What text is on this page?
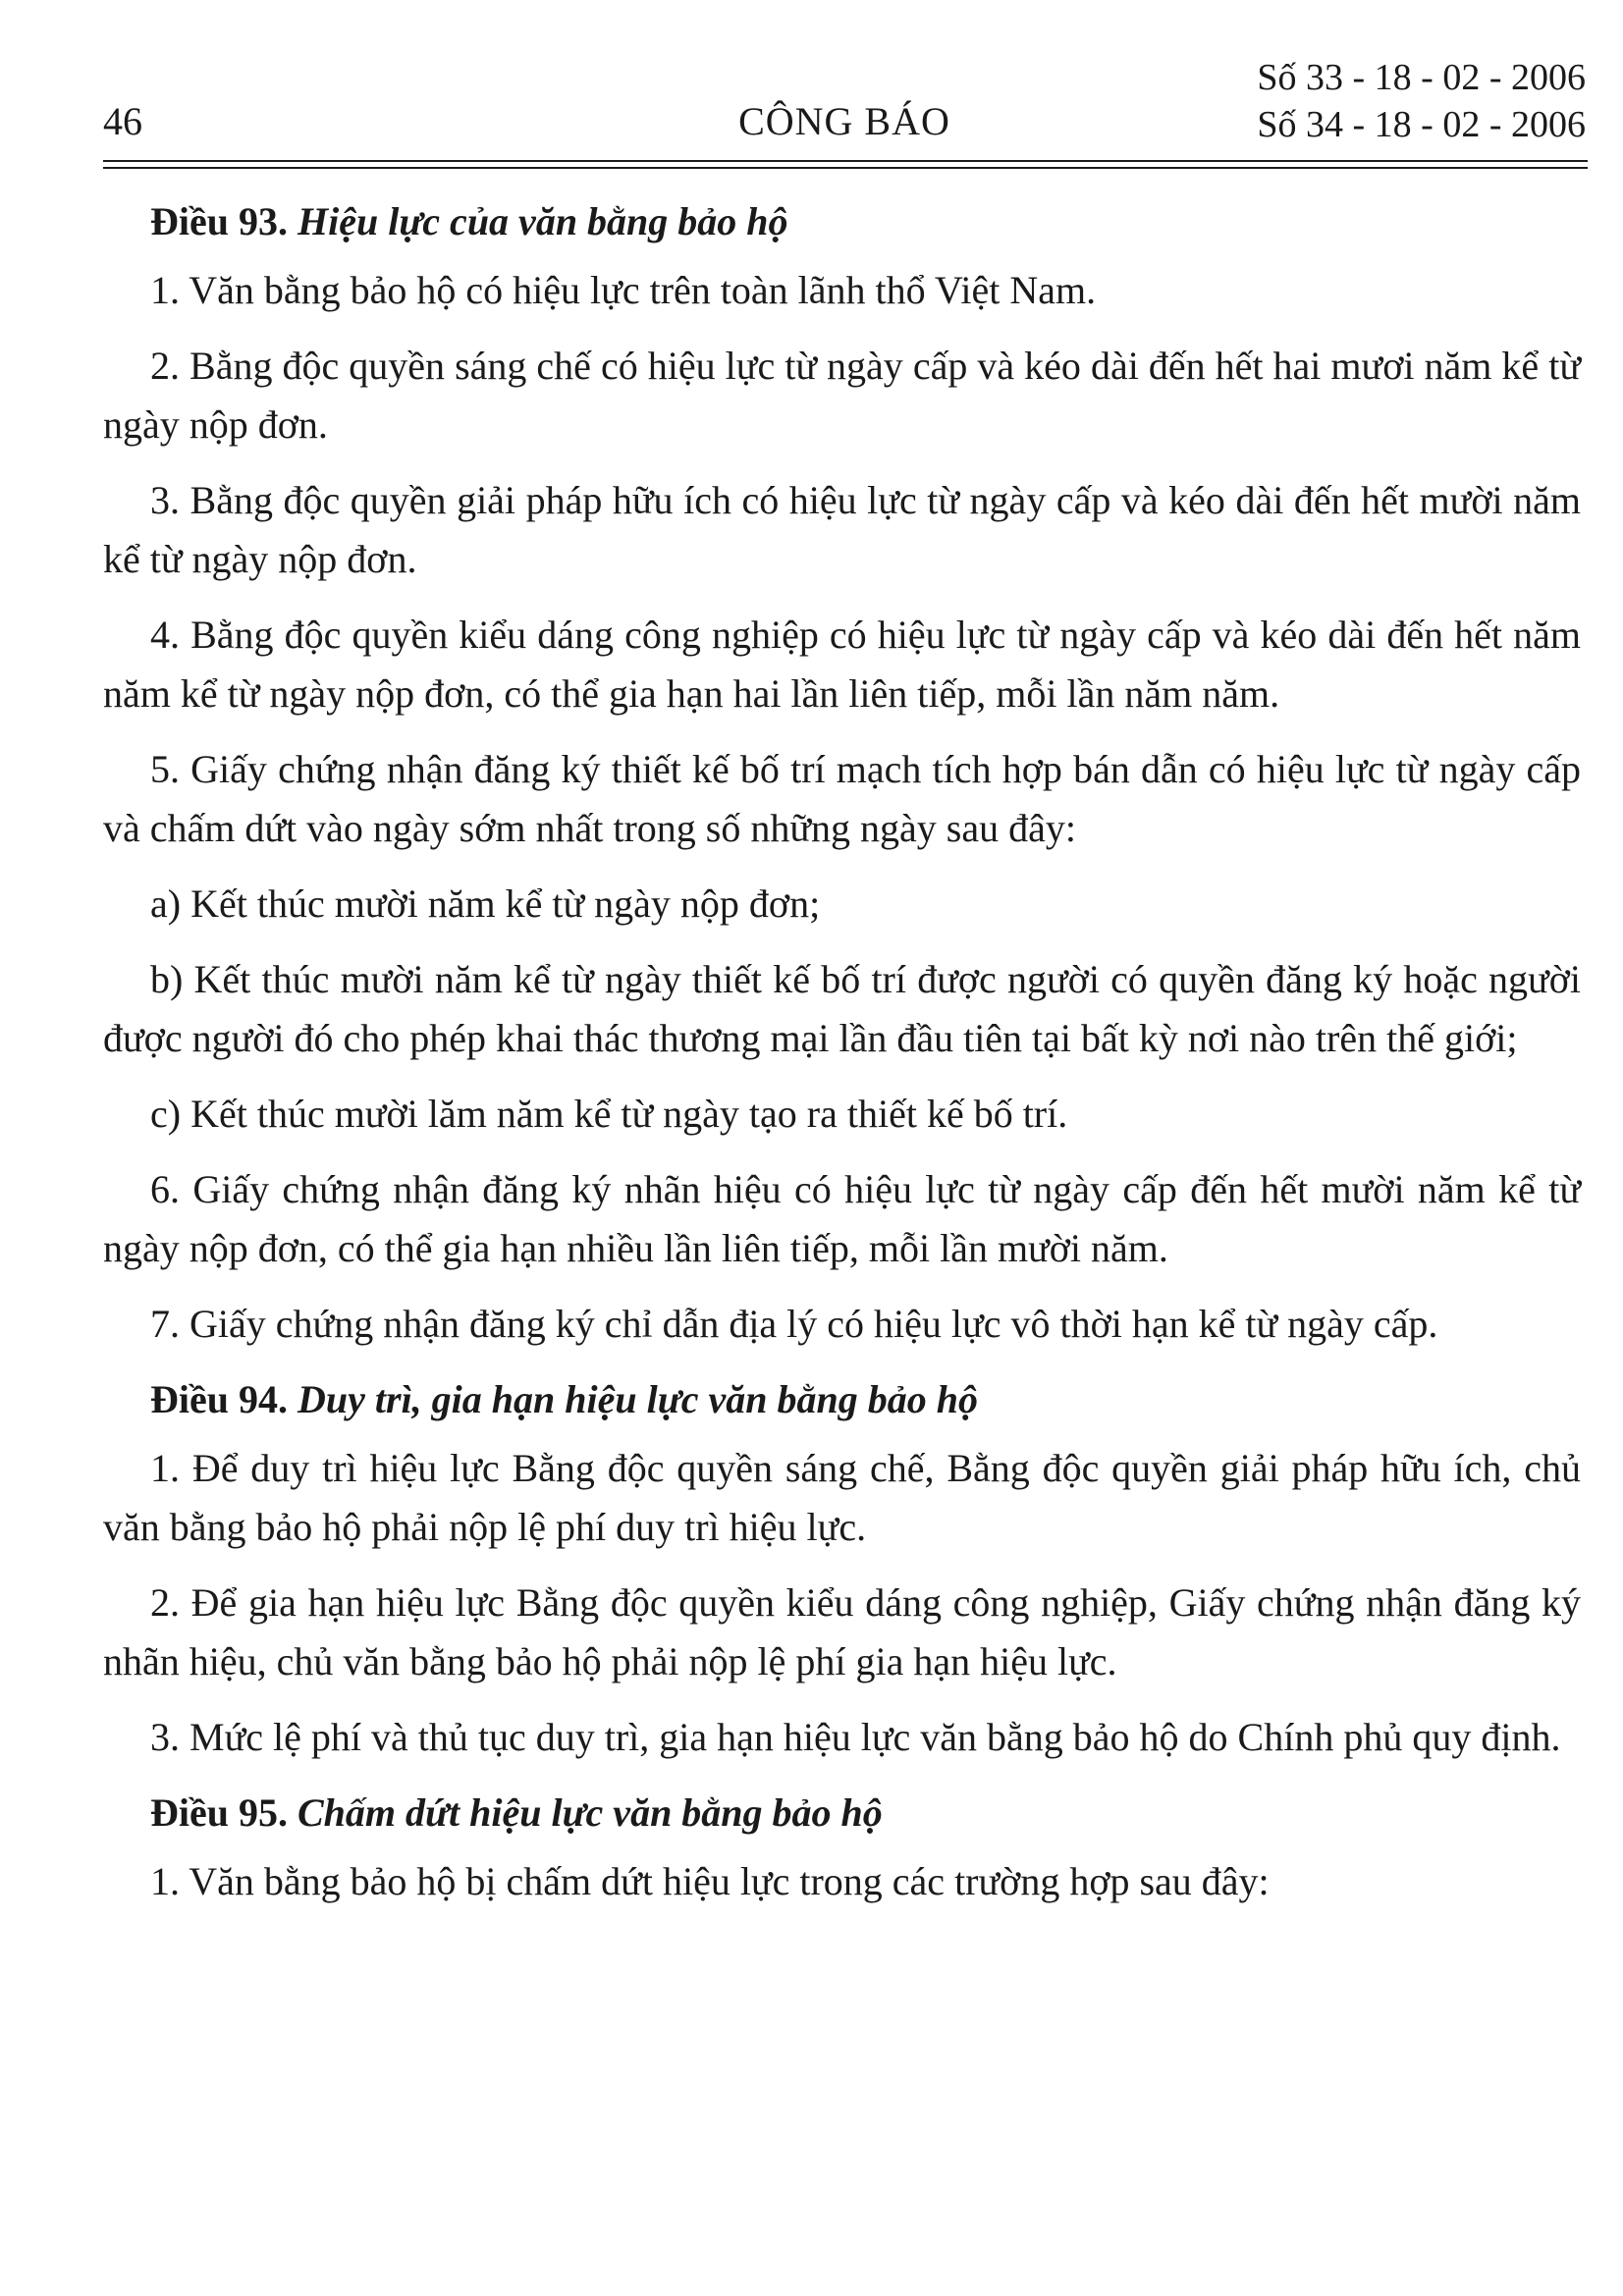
46	CÔNG BÁO
Số 33 - 18 - 02 - 2006
Số 34 - 18 - 02 - 2006
Điều 93. Hiệu lực của văn bằng bảo hộ

1. Văn bằng bảo hộ có hiệu lực trên toàn lãnh thổ Việt Nam.

2. Bằng độc quyền sáng chế có hiệu lực từ ngày cấp và kéo dài đến hết hai mươi năm kể từ ngày nộp đơn.

3. Bằng độc quyền giải pháp hữu ích có hiệu lực từ ngày cấp và kéo dài đến hết mười năm kể từ ngày nộp đơn.

4. Bằng độc quyền kiểu dáng công nghiệp có hiệu lực từ ngày cấp và kéo dài đến hết năm năm kể từ ngày nộp đơn, có thể gia hạn hai lần liên tiếp, mỗi lần năm năm.

5. Giấy chứng nhận đăng ký thiết kế bố trí mạch tích hợp bán dẫn có hiệu lực từ ngày cấp và chấm dứt vào ngày sớm nhất trong số những ngày sau đây:

a) Kết thúc mười năm kể từ ngày nộp đơn;

b) Kết thúc mười năm kể từ ngày thiết kế bố trí được người có quyền đăng ký hoặc người được người đó cho phép khai thác thương mại lần đầu tiên tại bất kỳ nơi nào trên thế giới;

c) Kết thúc mười lăm năm kể từ ngày tạo ra thiết kế bố trí.

6. Giấy chứng nhận đăng ký nhãn hiệu có hiệu lực từ ngày cấp đến hết mười năm kể từ ngày nộp đơn, có thể gia hạn nhiều lần liên tiếp, mỗi lần mười năm.

7. Giấy chứng nhận đăng ký chỉ dẫn địa lý có hiệu lực vô thời hạn kể từ ngày cấp.

Điều 94. Duy trì, gia hạn hiệu lực văn bằng bảo hộ

1. Để duy trì hiệu lực Bằng độc quyền sáng chế, Bằng độc quyền giải pháp hữu ích, chủ văn bằng bảo hộ phải nộp lệ phí duy trì hiệu lực.

2. Để gia hạn hiệu lực Bằng độc quyền kiểu dáng công nghiệp, Giấy chứng nhận đăng ký nhãn hiệu, chủ văn bằng bảo hộ phải nộp lệ phí gia hạn hiệu lực.

3. Mức lệ phí và thủ tục duy trì, gia hạn hiệu lực văn bằng bảo hộ do Chính phủ quy định.

Điều 95. Chấm dứt hiệu lực văn bằng bảo hộ

1. Văn bằng bảo hộ bị chấm dứt hiệu lực trong các trường hợp sau đây:
